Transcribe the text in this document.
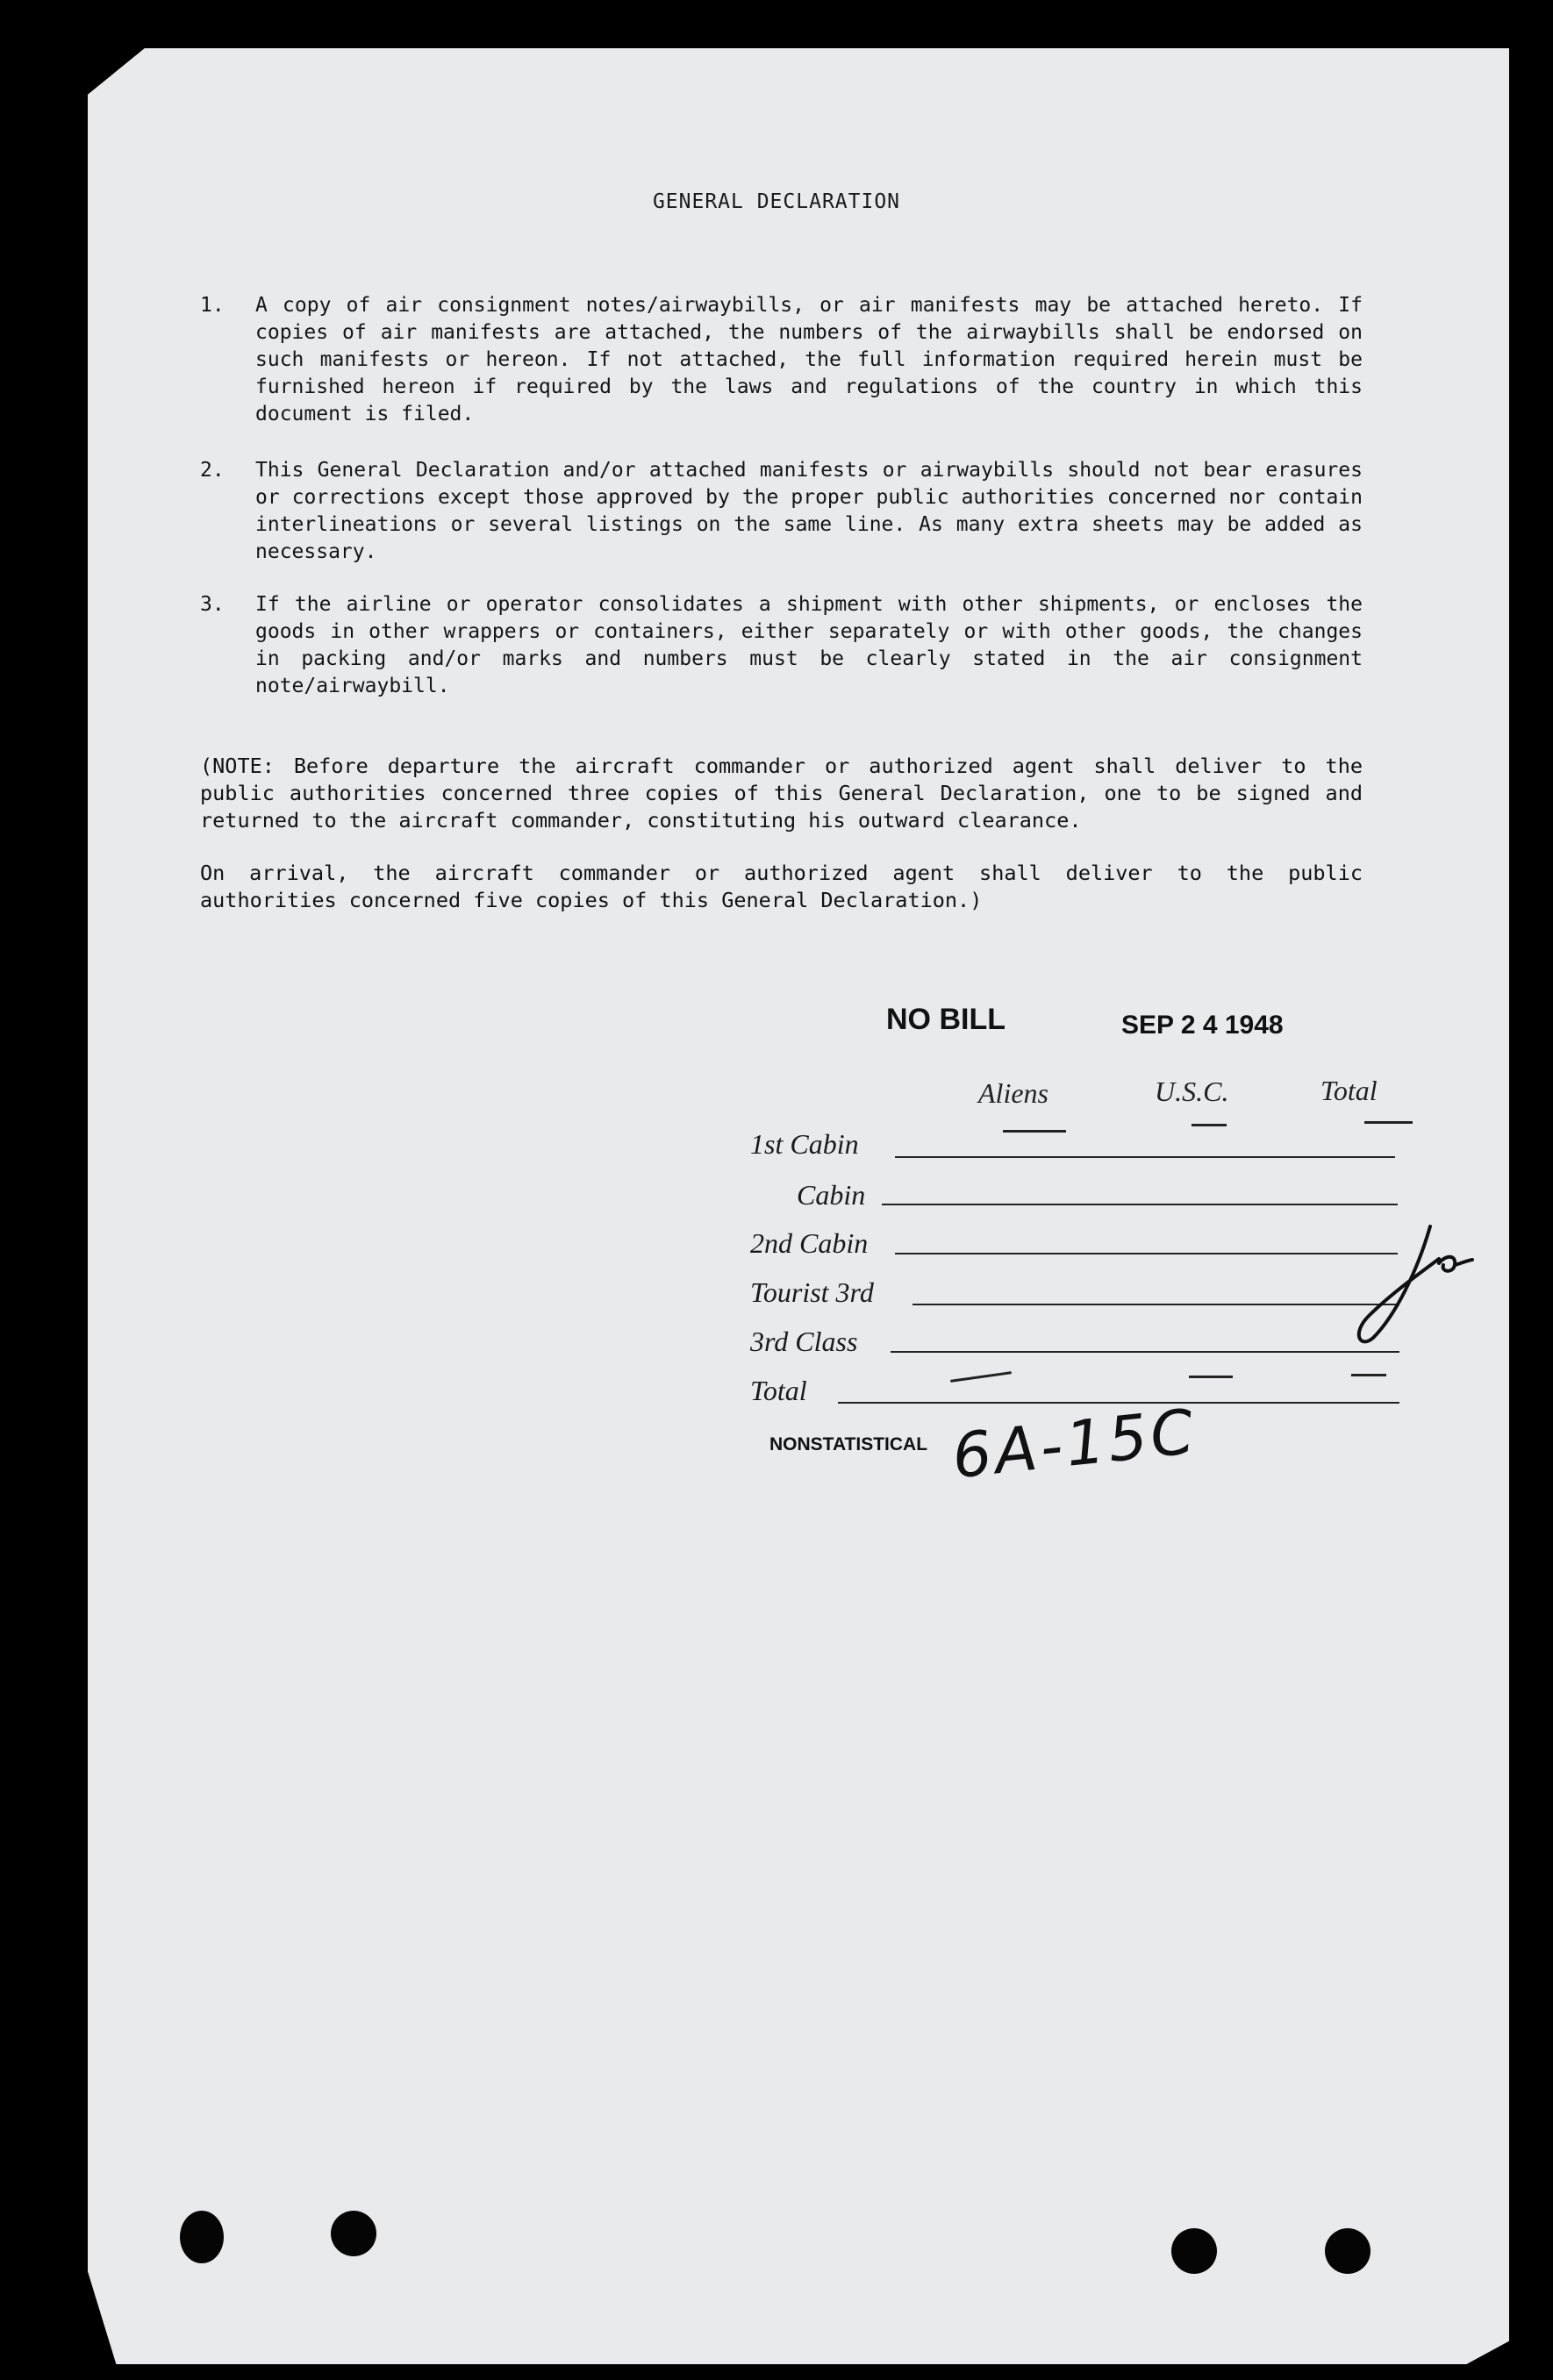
GENERAL DECLARATION
1. A copy of air consignment notes/airwaybills, or air manifests may be attached hereto. If copies of air manifests are attached, the numbers of the airwaybills shall be endorsed on such manifests or hereon. If not attached, the full information required herein must be furnished hereon if required by the laws and regulations of the country in which this document is filed.
2. This General Declaration and/or attached manifests or airwaybills should not bear erasures or corrections except those approved by the proper public authorities concerned nor contain interlineations or several listings on the same line. As many extra sheets may be added as necessary.
3. If the airline or operator consolidates a shipment with other shipments, or encloses the goods in other wrappers or containers, either separately or with other goods, the changes in packing and/or marks and numbers must be clearly stated in the air consignment note/airwaybill.
(NOTE: Before departure the aircraft commander or authorized agent shall deliver to the public authorities concerned three copies of this General Declaration, one to be signed and returned to the aircraft commander, constituting his outward clearance.
On arrival, the aircraft commander or authorized agent shall deliver to the public authorities concerned five copies of this General Declaration.)
NO BILL	SEP 2 4 1948
Aliens	U.S.C.	Total
1st Cabin
Cabin
2nd Cabin
Tourist 3rd
3rd Class
Total
NONSTATISTICAL 6A-15C
